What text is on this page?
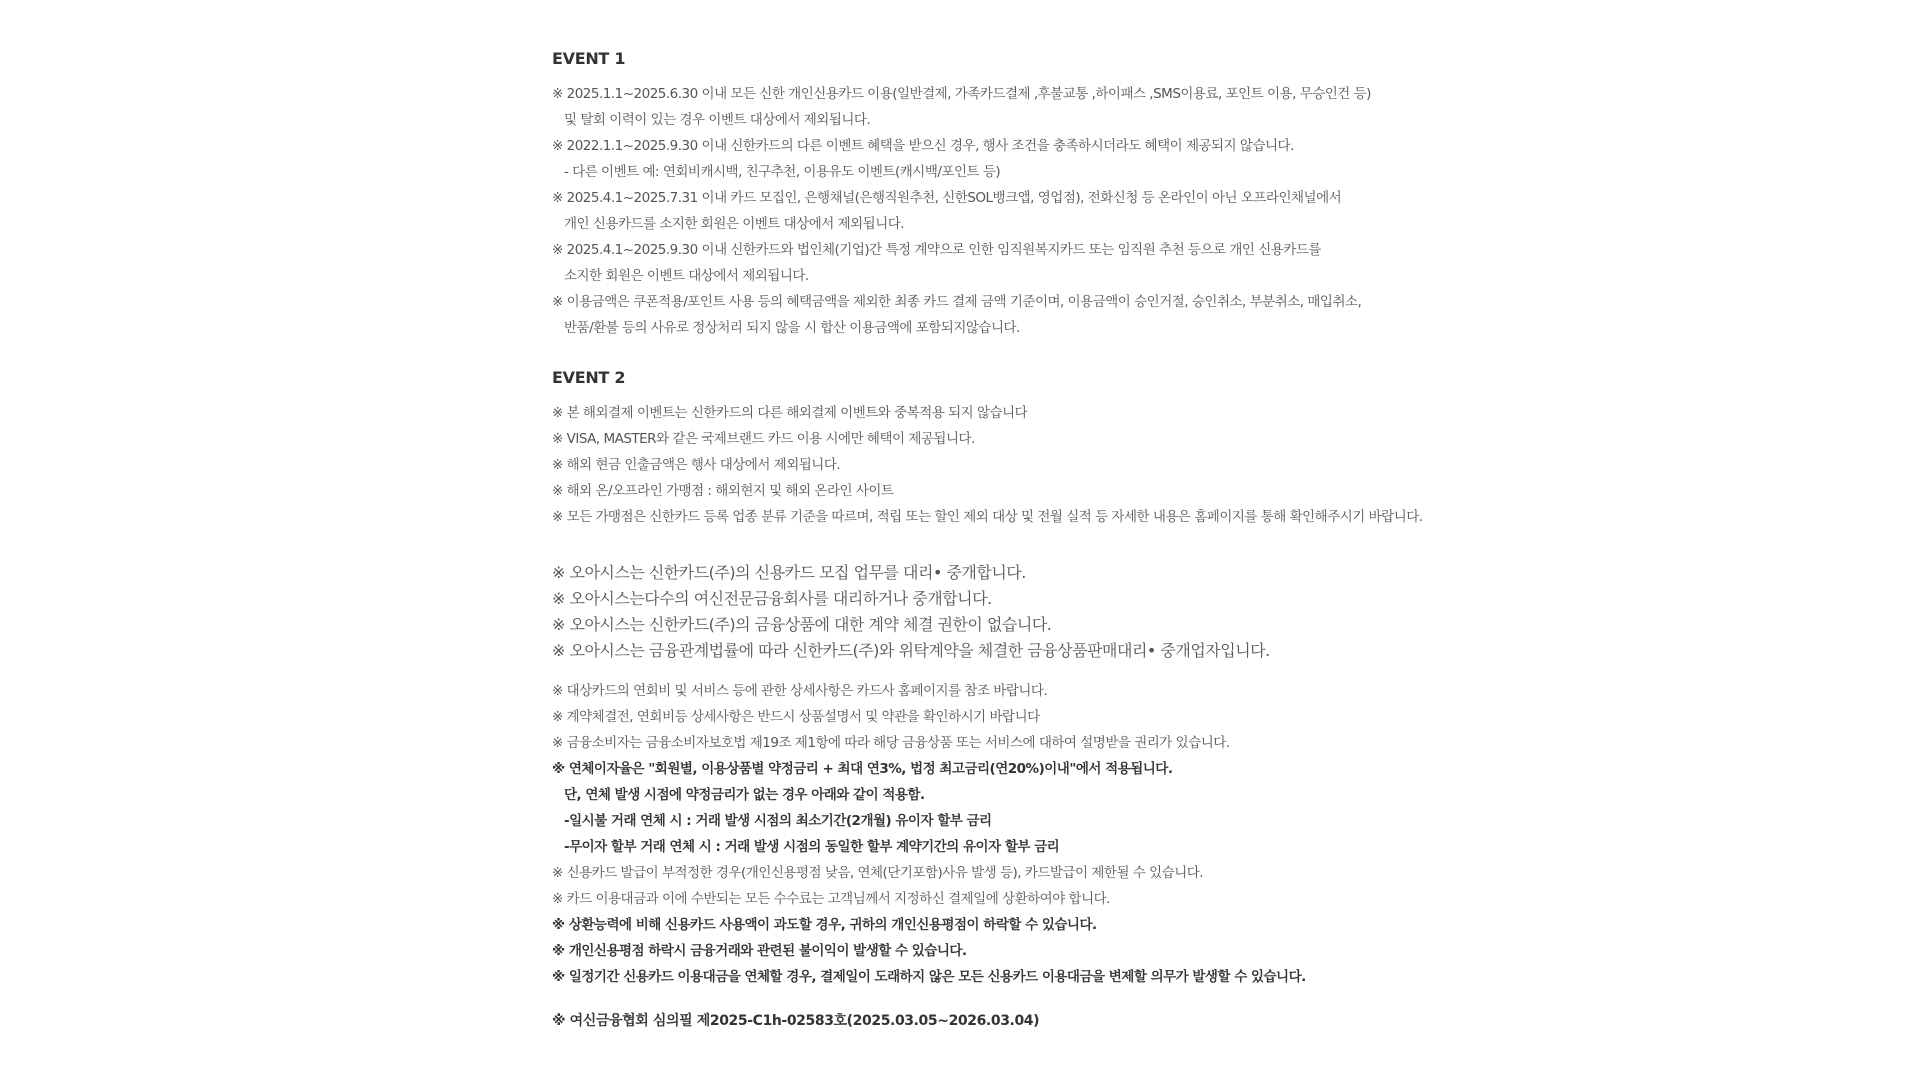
EVENT 1
※ 2025.1.1~2025.6.30 이내 모든 신한 개인신용카드 이용(일반결제, 가족카드결제 ,후불교통 ,하이패스 ,SMS이용료, 포인트 이용, 무승인건 등)
및 탈회 이력이 있는 경우 이벤트 대상에서 제외됩니다.
※ 2022.1.1~2025.9.30 이내 신한카드의 다른 이벤트 혜택을 받으신 경우, 행사 조건을 충족하시더라도 혜택이 제공되지 않습니다.
- 다른 이벤트 예: 연회비캐시백, 친구추천, 이용유도 이벤트(캐시백/포인트 등)
※ 2025.4.1~2025.7.31 이내 카드 모집인, 은행채널(은행직원추천, 신한SOL뱅크앱, 영업점), 전화신청 등 온라인이 아닌 오프라인채널에서
개인 신용카드를 소지한 회원은 이벤트 대상에서 제외됩니다.
※ 2025.4.1~2025.9.30 이내 신한카드와 법인체(기업)간 특정 계약으로 인한 임직원복지카드 또는 임직원 추천 등으로 개인 신용카드를
소지한 회원은 이벤트 대상에서 제외됩니다.
※ 이용금액은 쿠폰적용/포인트 사용 등의 혜택금액을 제외한 최종 카드 결제 금액 기준이며, 이용금액이 승인거절, 승인취소, 부분취소, 매입취소,
반품/환불 등의 사유로 정상처리 되지 않을 시 합산 이용금액에 포함되지않습니다.
EVENT 2
※ 본 해외결제 이벤트는 신한카드의 다른 해외결제 이벤트와 중복적용 되지 않습니다
※ VISA, MASTER와 같은 국제브랜드 카드 이용 시에만 혜택이 제공됩니다.
※ 해외 현금 인출금액은 행사 대상에서 제외됩니다.
※ 해외 온/오프라인 가맹점 : 해외현지 및 해외 온라인 사이트
※ 모든 가맹점은 신한카드 등록 업종 분류 기준을 따르며, 적립 또는 할인 제외 대상 및 전월 실적 등 자세한 내용은 홈페이지를 통해 확인해주시기 바랍니다.
※ 오아시스는 신한카드(주)의 신용카드 모집 업무를 대리• 중개합니다.
※ 오아시스는다수의 여신전문금융회사를 대리하거나 중개합니다.
※ 오아시스는 신한카드(주)의 금융상품에 대한 계약 체결 권한이 없습니다.
※ 오아시스는 금융관계법률에 따라 신한카드(주)와 위탁계약을 체결한 금융상품판매대리• 중개업자입니다.
※ 대상카드의 연회비 및 서비스 등에 관한 상세사항은 카드사 홈페이지를 참조 바랍니다.
※ 계약체결전, 연회비등 상세사항은 반드시 상품설명서 및 약관을 확인하시기 바랍니다
※ 금융소비자는 금융소비자보호법 제19조 제1항에 따라 해당 금융상품 또는 서비스에 대하여 설명받을 권리가 있습니다.
※ 연체이자율은 "회원별, 이용상품별 약정금리 + 최대 연3%, 법정 최고금리(연20%)이내"에서 적용됩니다.
단, 연체 발생 시점에 약정금리가 없는 경우 아래와 같이 적용함.
-일시불 거래 연체 시 : 거래 발생 시점의 최소기간(2개월) 유이자 할부 금리
-무이자 할부 거래 연체 시 : 거래 발생 시점의 동일한 할부 계약기간의 유이자 할부 금리
※ 신용카드 발급이 부적정한 경우(개인신용평점 낮음, 연체(단기포함)사유 발생 등), 카드발급이 제한될 수 있습니다.
※ 카드 이용대금과 이에 수반되는 모든 수수료는 고객님께서 지정하신 결제일에 상환하여야 합니다.
※ 상환능력에 비해 신용카드 사용액이 과도할 경우, 귀하의 개인신용평점이 하락할 수 있습니다.
※ 개인신용평점 하락시 금융거래와 관련된 불이익이 발생할 수 있습니다.
※ 일정기간 신용카드 이용대금을 연체할 경우, 결제일이 도래하지 않은 모든 신용카드 이용대금을 변제할 의무가 발생할 수 있습니다.
※ 여신금융협회 심의필 제2025-C1h-02583호(2025.03.05~2026.03.04)
